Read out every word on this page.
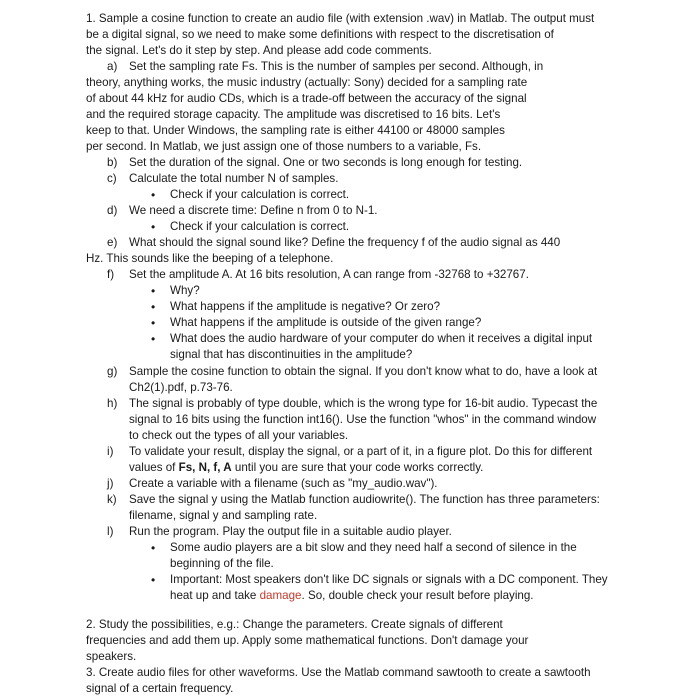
1. Sample a cosine function to create an audio file (with extension .wav) in Matlab. The output must
be a digital signal, so we need to make some definitions with respect to the discretisation of
the signal. Let's do it step by step. And please add code comments.
a) Set the sampling rate Fs. This is the number of samples per second. Although, in
theory, anything works, the music industry (actually: Sony) decided for a sampling rate
of about 44 kHz for audio CDs, which is a trade-off between the accuracy of the signal
and the required storage capacity. The amplitude was discretised to 16 bits. Let's
keep to that. Under Windows, the sampling rate is either 44100 or 48000 samples
per second. In Matlab, we just assign one of those numbers to a variable, Fs.
b) Set the duration of the signal. One or two seconds is long enough for testing.
c) Calculate the total number N of samples.
• Check if your calculation is correct.
d) We need a discrete time: Define n from 0 to N-1.
• Check if your calculation is correct.
e) What should the signal sound like? Define the frequency f of the audio signal as 440
Hz. This sounds like the beeping of a telephone.
f) Set the amplitude A. At 16 bits resolution, A can range from -32768 to +32767.
• Why?
• What happens if the amplitude is negative? Or zero?
• What happens if the amplitude is outside of the given range?
• What does the audio hardware of your computer do when it receives a digital input
signal that has discontinuities in the amplitude?
g) Sample the cosine function to obtain the signal. If you don't know what to do, have a look at
Ch2(1).pdf, p.73-76.
h) The signal is probably of type double, which is the wrong type for 16-bit audio. Typecast the
signal to 16 bits using the function int16(). Use the function "whos" in the command window
to check out the types of all your variables.
i) To validate your result, display the signal, or a part of it, in a figure plot. Do this for different
values of Fs, N, f, A until you are sure that your code works correctly.
j) Create a variable with a filename (such as "my_audio.wav").
k) Save the signal y using the Matlab function audiowrite(). The function has three parameters:
filename, signal y and sampling rate.
l) Run the program. Play the output file in a suitable audio player.
• Some audio players are a bit slow and they need half a second of silence in the
beginning of the file.
• Important: Most speakers don't like DC signals or signals with a DC component. They
heat up and take damage. So, double check your result before playing.
2. Study the possibilities, e.g.: Change the parameters. Create signals of different
frequencies and add them up. Apply some mathematical functions. Don't damage your
speakers.
3. Create audio files for other waveforms. Use the Matlab command sawtooth to create a sawtooth
signal of a certain frequency.
